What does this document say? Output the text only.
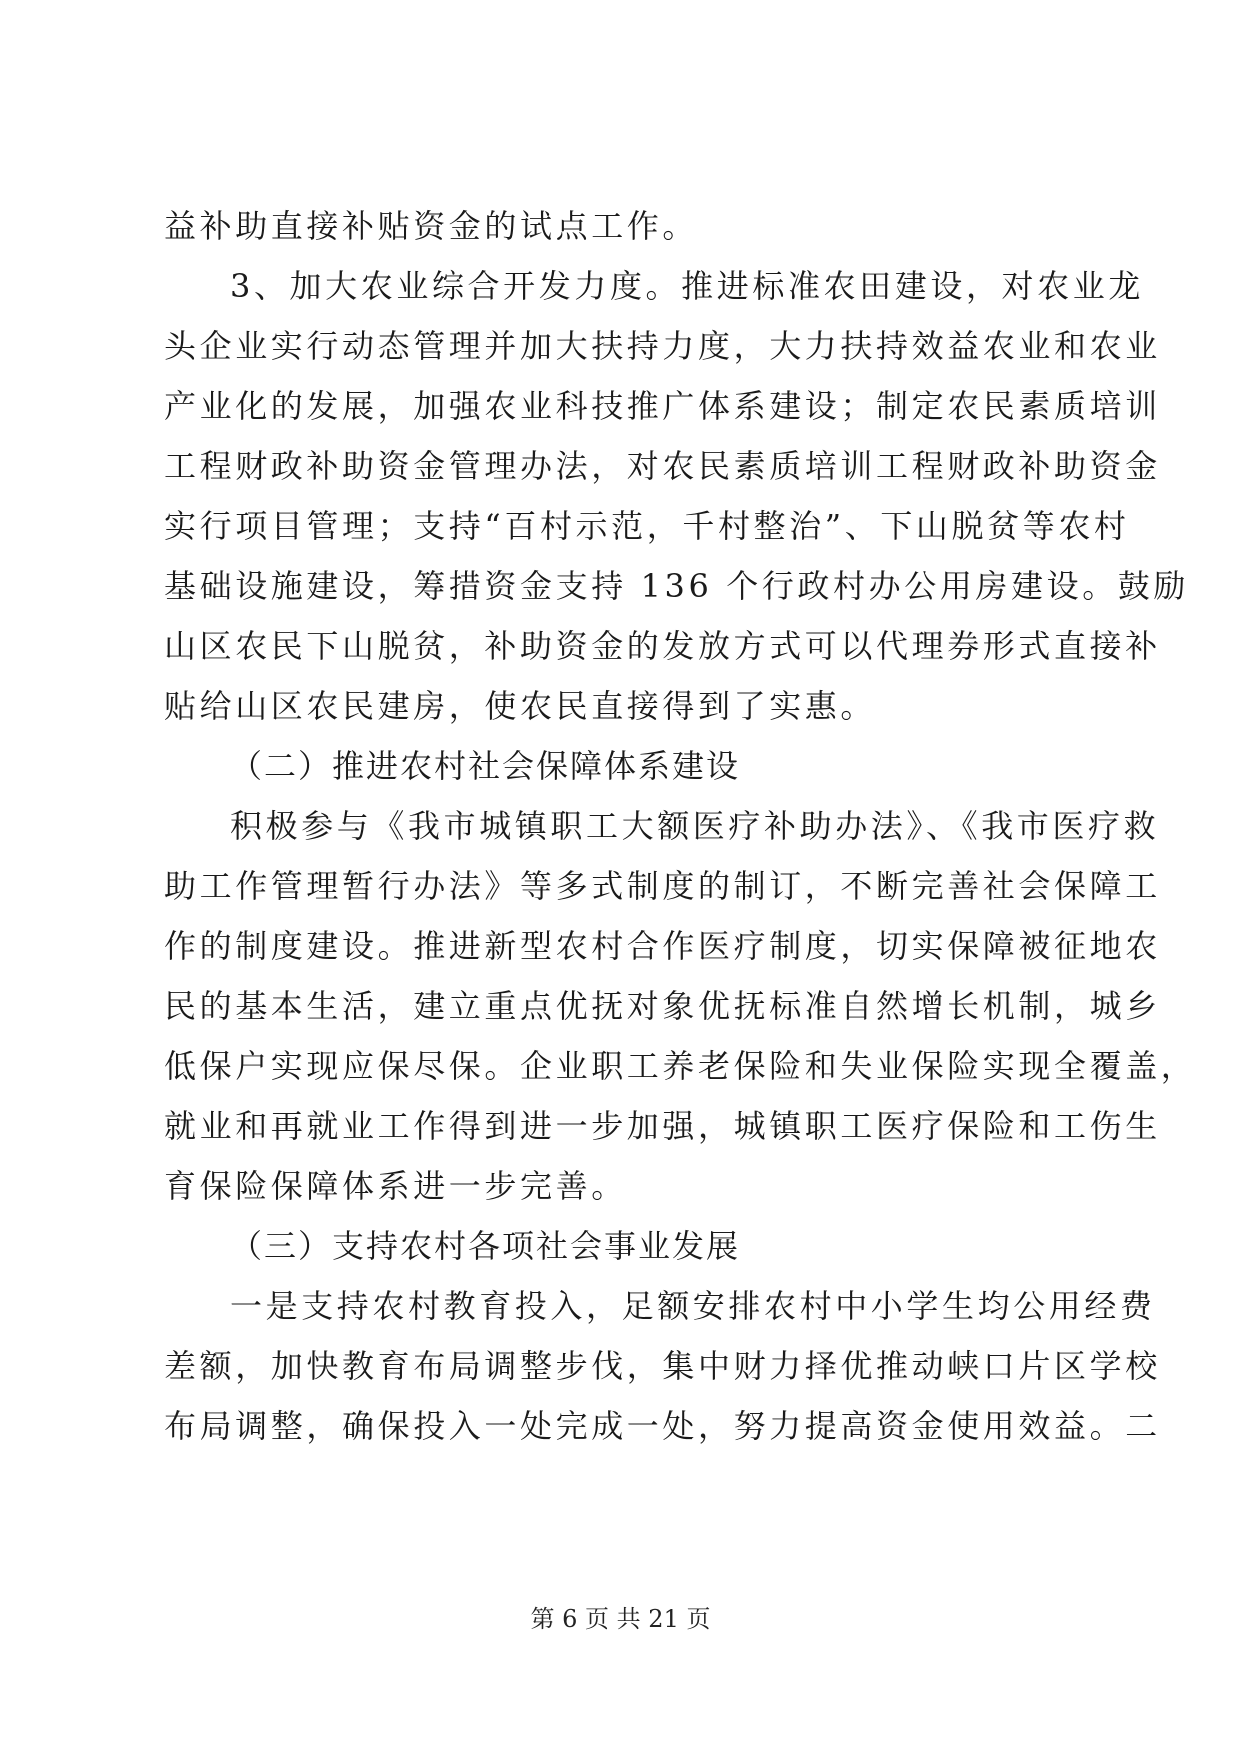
益补助直接补贴资金的试点工作。
3、加大农业综合开发力度。推进标准农田建设，对农业龙
头企业实行动态管理并加大扶持力度，大力扶持效益农业和农业
产业化的发展，加强农业科技推广体系建设；制定农民素质培训
工程财政补助资金管理办法，对农民素质培训工程财政补助资金
实行项目管理；支持“百村示范，千村整治”、下山脱贫等农村
基础设施建设，筹措资金支持 136 个行政村办公用房建设。鼓励
山区农民下山脱贫，补助资金的发放方式可以代理券形式直接补
贴给山区农民建房，使农民直接得到了实惠。
（二）推进农村社会保障体系建设
积极参与《我市城镇职工大额医疗补助办法》、《我市医疗救
助工作管理暂行办法》等多式制度的制订，不断完善社会保障工
作的制度建设。推进新型农村合作医疗制度，切实保障被征地农
民的基本生活，建立重点优抚对象优抚标准自然增长机制，城乡
低保户实现应保尽保。企业职工养老保险和失业保险实现全覆盖，
就业和再就业工作得到进一步加强，城镇职工医疗保险和工伤生
育保险保障体系进一步完善。
（三）支持农村各项社会事业发展
一是支持农村教育投入，足额安排农村中小学生均公用经费
差额，加快教育布局调整步伐，集中财力择优推动峡口片区学校
布局调整，确保投入一处完成一处，努力提高资金使用效益。二
第 6 页 共 21 页
